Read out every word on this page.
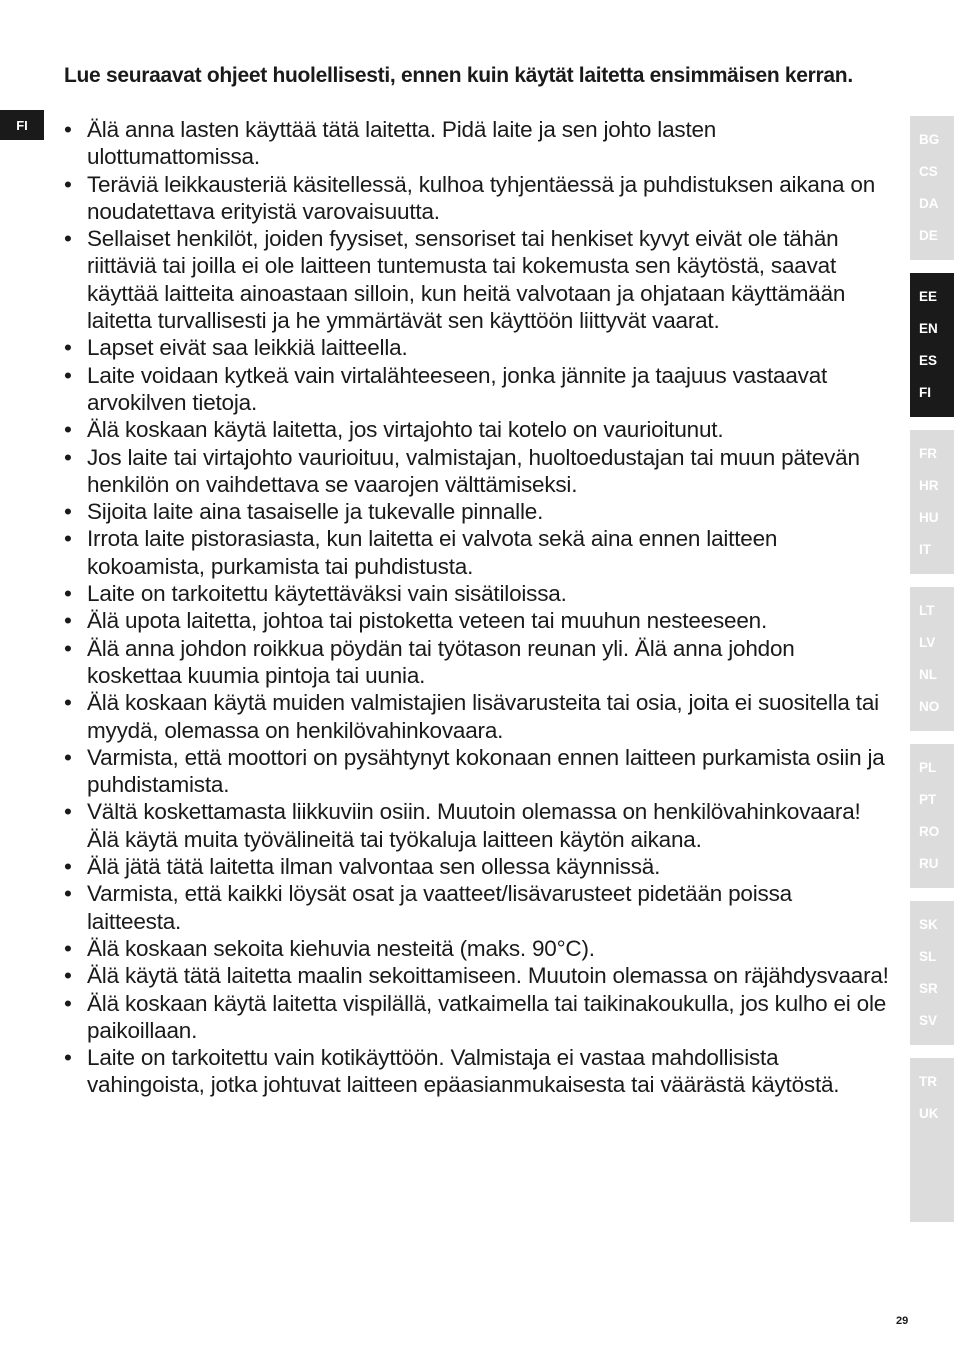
FI
Lue seuraavat ohjeet huolellisesti, ennen kuin käytät laitetta ensimmäisen kerran.
• Älä anna lasten käyttää tätä laitetta. Pidä laite ja sen johto lasten ulottumattomissa.
• Teräviä leikkausteriä käsitellessä, kulhoa tyhjentäessä ja puhdistuksen aikana on noudatettava erityistä varovaisuutta.
• Sellaiset henkilöt, joiden fyysiset, sensoriset tai henkiset kyvyt eivät ole tähän riittäviä tai joilla ei ole laitteen tuntemusta tai kokemusta sen käytöstä, saavat käyttää laitteita ainoastaan silloin, kun heitä valvotaan ja ohjataan käyttämään laitetta turvallisesti ja he ymmärtävät sen käyttöön liittyvät vaarat.
• Lapset eivät saa leikkiä laitteella.
• Laite voidaan kytkeä vain virtalähteeseen, jonka jännite ja taajuus vastaavat arvokilven tietoja.
• Älä koskaan käytä laitetta, jos virtajohto tai kotelo on vaurioitunut.
• Jos laite tai virtajohto vaurioituu, valmistajan, huoltoedustajan tai muun pätevän henkilön on vaihdettava se vaarojen välttämiseksi.
• Sijoita laite aina tasaiselle ja tukevalle pinnalle.
• Irrota laite pistorasiasta, kun laitetta ei valvota sekä aina ennen laitteen kokoamista, purkamista tai puhdistusta.
• Laite on tarkoitettu käytettäväksi vain sisätiloissa.
• Älä upota laitetta, johtoa tai pistoketta veteen tai muuhun nesteeseen.
• Älä anna johdon roikkua pöydän tai työtason reunan yli. Älä anna johdon koskettaa kuumia pintoja tai uunia.
• Älä koskaan käytä muiden valmistajien lisävarusteita tai osia, joita ei suositella tai myydä, olemassa on henkilövahinkovaara.
• Varmista, että moottori on pysähtynyt kokonaan ennen laitteen purkamista osiin ja puhdistamista.
• Vältä koskettamasta liikkuviin osiin. Muutoin olemassa on henkilövahinkovaara! Älä käytä muita työvälineitä tai työkaluja laitteen käytön aikana.
• Älä jätä tätä laitetta ilman valvontaa sen ollessa käynnissä.
• Varmista, että kaikki löysät osat ja vaatteet/lisävarusteet pidetään poissa laitteesta.
• Älä koskaan sekoita kiehuvia nesteitä (maks. 90°C).
• Älä käytä tätä laitetta maalin sekoittamiseen. Muutoin olemassa on räjähdysvaara!
• Älä koskaan käytä laitetta vispilällä, vatkaimella tai taikinakoukulla, jos kulho ei ole paikoillaan.
• Laite on tarkoitettu vain kotikäyttöön. Valmistaja ei vastaa mahdollisista vahingoista, jotka johtuvat laitteen epäasianmukaisesta tai väärästä käytöstä.
BG
CS
DA
DE
EE
EN
ES
FI
FR
HR
HU
IT
LT
LV
NL
NO
PL
PT
RO
RU
SK
SL
SR
SV
TR
UK
29
